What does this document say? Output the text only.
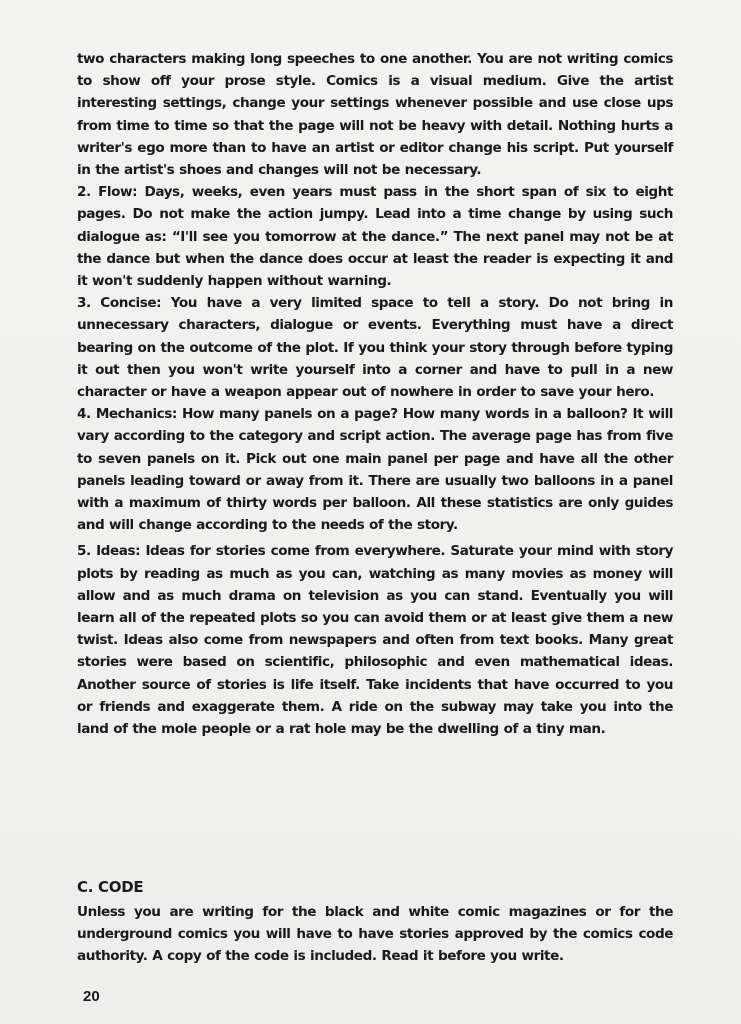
two characters making long speeches to one another. You are not writing comics to show off your prose style. Comics is a visual medium. Give the artist interesting settings, change your settings whenever possible and use close ups from time to time so that the page will not be heavy with detail. Nothing hurts a writer's ego more than to have an artist or editor change his script. Put yourself in the artist's shoes and changes will not be necessary.

2. Flow: Days, weeks, even years must pass in the short span of six to eight pages. Do not make the action jumpy. Lead into a time change by using such dialogue as: “I'll see you tomorrow at the dance.” The next panel may not be at the dance but when the dance does occur at least the reader is expecting it and it won't suddenly happen without warning.

3. Concise: You have a very limited space to tell a story. Do not bring in unnecessary characters, dialogue or events. Everything must have a direct bearing on the outcome of the plot. If you think your story through before typing it out then you won't write yourself into a corner and have to pull in a new character or have a weapon appear out of nowhere in order to save your hero.

4. Mechanics: How many panels on a page? How many words in a balloon? It will vary according to the category and script action. The average page has from five to seven panels on it. Pick out one main panel per page and have all the other panels leading toward or away from it. There are usually two balloons in a panel with a maximum of thirty words per balloon. All these statistics are only guides and will change according to the needs of the story.

5. Ideas: Ideas for stories come from everywhere. Saturate your mind with story plots by reading as much as you can, watching as many movies as money will allow and as much drama on television as you can stand. Eventually you will learn all of the repeated plots so you can avoid them or at least give them a new twist. Ideas also come from newspapers and often from text books. Many great stories were based on scientific, philosophic and even mathematical ideas. Another source of stories is life itself. Take incidents that have occurred to you or friends and exaggerate them. A ride on the subway may take you into the land of the mole people or a rat hole may be the dwelling of a tiny man.

C. CODE

Unless you are writing for the black and white comic magazines or for the underground comics you will have to have stories approved by the comics code authority. A copy of the code is included. Read it before you write.

20
